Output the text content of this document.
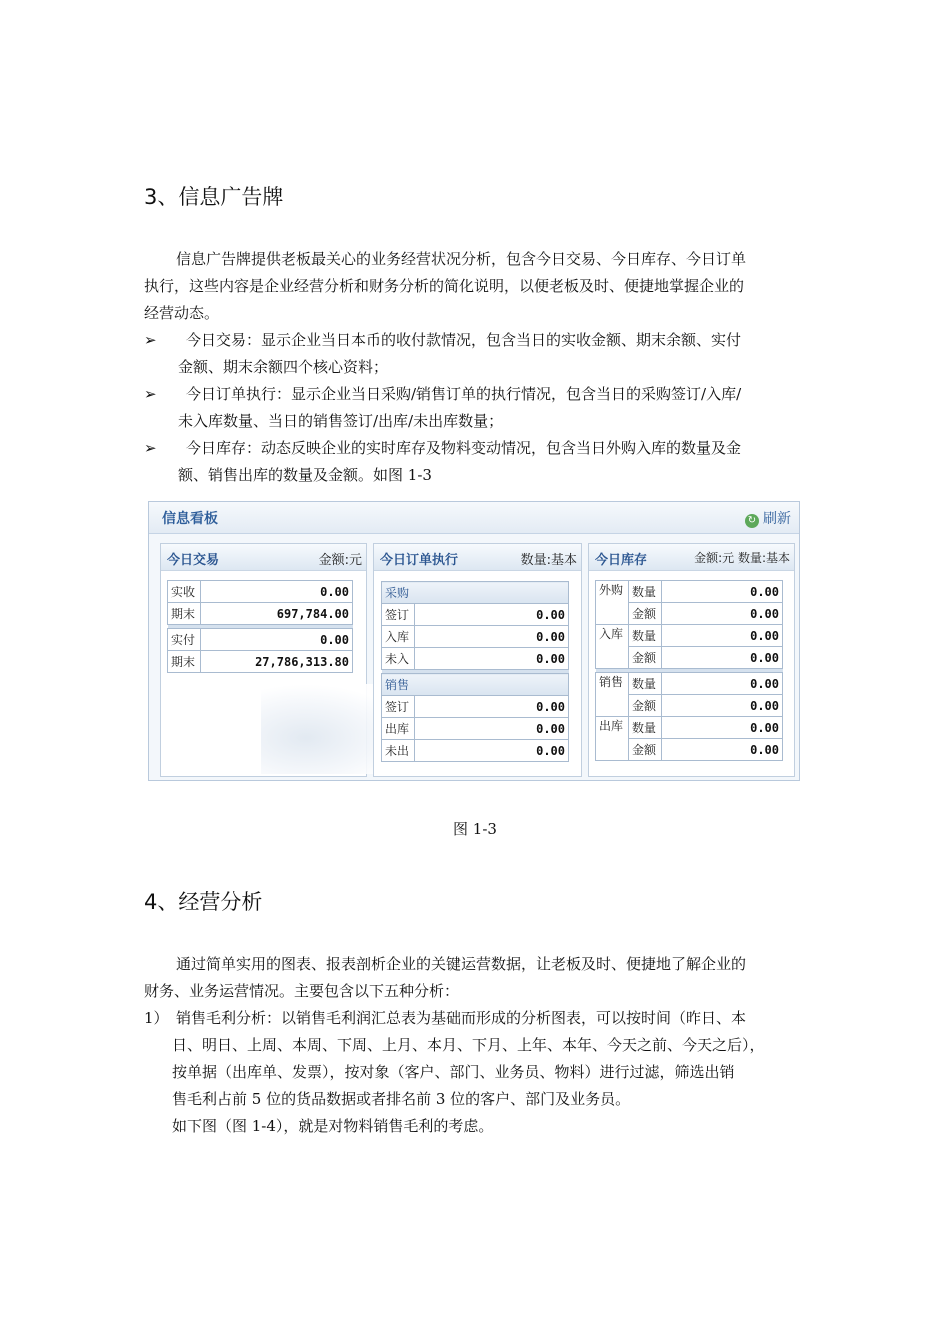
3、信息广告牌
信息广告牌提供老板最关心的业务经营状况分析，包含今日交易、今日库存、今日订单
执行，这些内容是企业经营分析和财务分析的简化说明，以便老板及时、便捷地掌握企业的
经营动态。
➢	今日交易：显示企业当日本币的收付款情况，包含当日的实收金额、期末余额、实付
金额、期末余额四个核心资料；
➢	今日订单执行：显示企业当日采购/销售订单的执行情况，包含当日的采购签订/入库/
未入库数量、当日的销售签订/出库/未出库数量；
➢	今日库存：动态反映企业的实时库存及物料变动情况，包含当日外购入库的数量及金
额、销售出库的数量及金额。如图 1-3
信息看板	↻ 刷新
今日交易	金额:元
实收	0.00
期末	697,784.00

实付	0.00
期末	27,786,313.80
今日订单执行	数量:基本
采购	
签订	0.00
入库	0.00
未入	0.00

销售	
签订	0.00
出库	0.00
未出	0.00
今日库存	金额:元 数量:基本
外购	数量	0.00
	金额	0.00
入库	数量	0.00
	金额	0.00

销售	数量	0.00
	金额	0.00
出库	数量	0.00
	金额	0.00
图 1-3
4、经营分析
通过简单实用的图表、报表剖析企业的关键运营数据，让老板及时、便捷地了解企业的
财务、业务运营情况。主要包含以下五种分析：
1） 销售毛利分析：以销售毛利润汇总表为基础而形成的分析图表，可以按时间（昨日、本
日、明日、上周、本周、下周、上月、本月、下月、上年、本年、今天之前、今天之后），
按单据（出库单、发票），按对象（客户、部门、业务员、物料）进行过滤，筛选出销
售毛利占前 5 位的货品数据或者排名前 3 位的客户、部门及业务员。
如下图（图 1-4），就是对物料销售毛利的考虑。
